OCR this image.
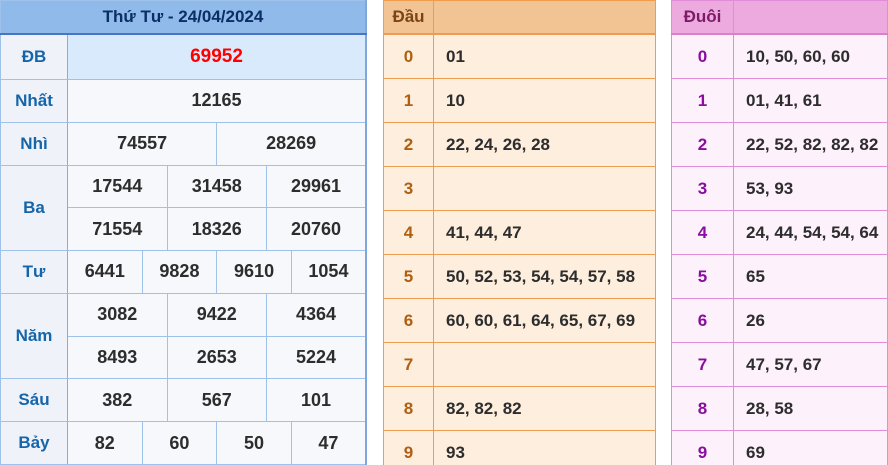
Thứ Tư - 24/04/2024						
ĐB	69952					
Nhất	12165					
Nhì	74557			28269		
Ba	17544		31458		29961	
	71554		18326		20760	
Tư	6441	9828		9610		1054
Năm	3082		9422		4364	
	8493		2653		5224	
Sáu	382		567		101	
Bảy	82	60		50		47
Đầu	
0	01
1	10
2	22, 24, 26, 28
3	
4	41, 44, 47
5	50, 52, 53, 54, 54, 57, 58
6	60, 60, 61, 64, 65, 67, 69
7	
8	82, 82, 82
9	93
Đuôi	
0	10, 50, 60, 60
1	01, 41, 61
2	22, 52, 82, 82, 82
3	53, 93
4	24, 44, 54, 54, 64
5	65
6	26
7	47, 57, 67
8	28, 58
9	69
